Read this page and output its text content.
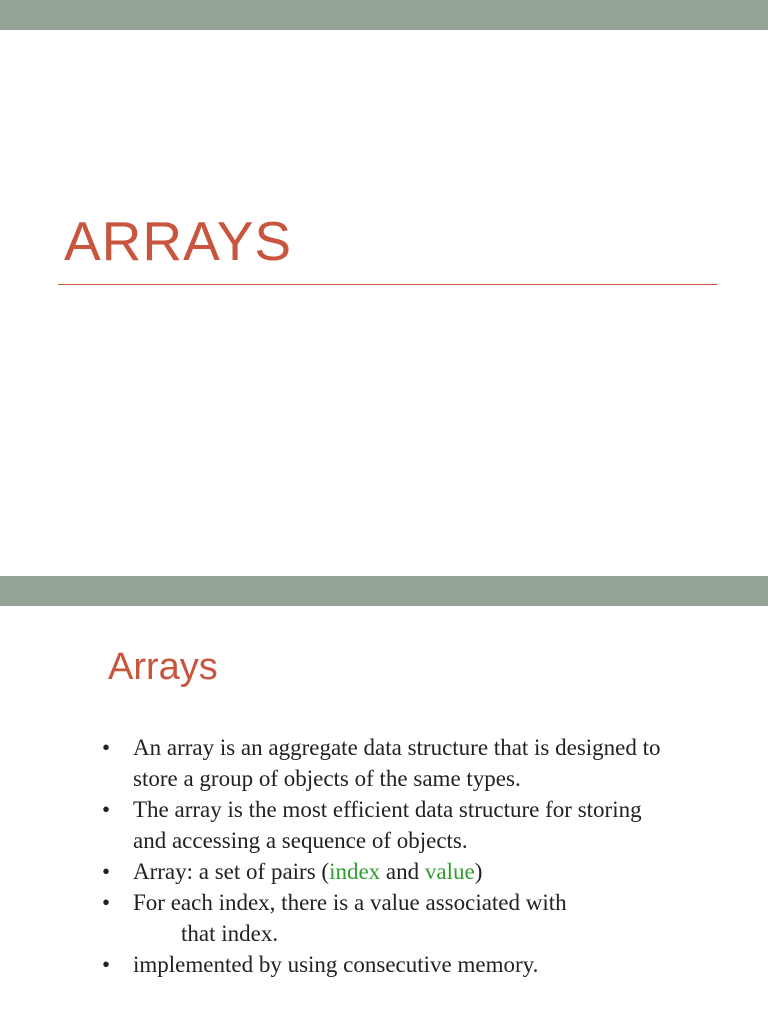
ARRAYS
Arrays
• An array is an aggregate data structure that is designed to store a group of objects of the same types.
• The array is the most efficient data structure for storing and accessing a sequence of objects.
• Array: a set of pairs (index and value)
• For each index, there is a value associated with
that index.
• implemented by using consecutive memory.
